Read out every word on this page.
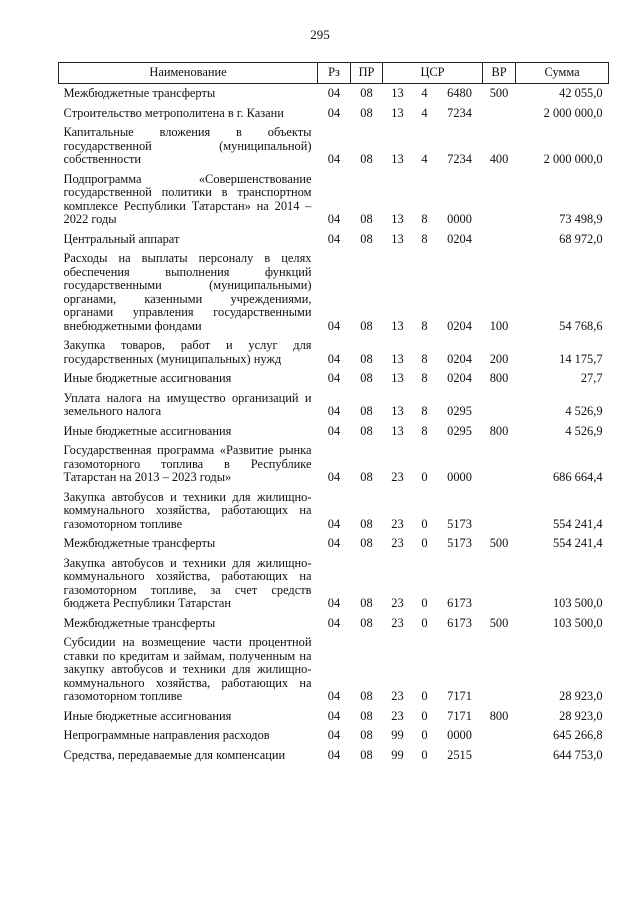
295
Наименование	Рз	ПР	ЦСР			ВР	Сумма
Межбюджетные трансферты	04	08	13	4	6480	500	42 055,0
Строительство метрополитена в г. Казани	04	08	13	4	7234		2 000 000,0
Капитальные вложения в объекты государственной (муниципальной) собственности	04	08	13	4	7234	400	2 000 000,0
Подпрограмма «Совершенствование государственной политики в транспортном комплексе Республики Татарстан» на 2014 – 2022 годы	04	08	13	8	0000		73 498,9
Центральный аппарат	04	08	13	8	0204		68 972,0
Расходы на выплаты персоналу в целях обеспечения выполнения функций государственными (муниципальными) органами, казенными учреждениями, органами управления государственными внебюджетными фондами	04	08	13	8	0204	100	54 768,6
Закупка товаров, работ и услуг для государственных (муниципальных) нужд	04	08	13	8	0204	200	14 175,7
Иные бюджетные ассигнования	04	08	13	8	0204	800	27,7
Уплата налога на имущество организаций и земельного налога	04	08	13	8	0295		4 526,9
Иные бюджетные ассигнования	04	08	13	8	0295	800	4 526,9
Государственная программа «Развитие рынка газомоторного топлива в Республике Татарстан на 2013 – 2023 годы»	04	08	23	0	0000		686 664,4
Закупка автобусов и техники для жилищно-коммунального хозяйства, работающих на газомоторном топливе	04	08	23	0	5173		554 241,4
Межбюджетные трансферты	04	08	23	0	5173	500	554 241,4
Закупка автобусов и техники для жилищно-коммунального хозяйства, работающих на газомоторном топливе, за счет средств бюджета Республики Татарстан	04	08	23	0	6173		103 500,0
Межбюджетные трансферты	04	08	23	0	6173	500	103 500,0
Субсидии на возмещение части процентной ставки по кредитам и займам, полученным на закупку автобусов и техники для жилищно-коммунального хозяйства, работающих на газомоторном топливе	04	08	23	0	7171		28 923,0
Иные бюджетные ассигнования	04	08	23	0	7171	800	28 923,0
Непрограммные направления расходов	04	08	99	0	0000		645 266,8
Средства, передаваемые для компенсации	04	08	99	0	2515		644 753,0
